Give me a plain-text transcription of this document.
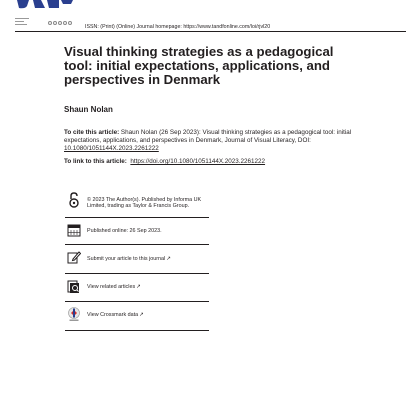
ISSN: (Print) (Online) Journal homepage: https://www.tandfonline.com/loi/rjvl20
Visual thinking strategies as a pedagogical tool: initial expectations, applications, and perspectives in Denmark
Shaun Nolan
To cite this article: Shaun Nolan (26 Sep 2023): Visual thinking strategies as a pedagogical tool: initial expectations, applications, and perspectives in Denmark, Journal of Visual Literacy, DOI: 10.1080/1051144X.2023.2261222
To link to this article: https://doi.org/10.1080/1051144X.2023.2261222
© 2023 The Author(s). Published by Informa UK Limited, trading as Taylor & Francis Group.
Published online: 26 Sep 2023.
Submit your article to this journal↗
View related articles↗
View Crossmark data↗
